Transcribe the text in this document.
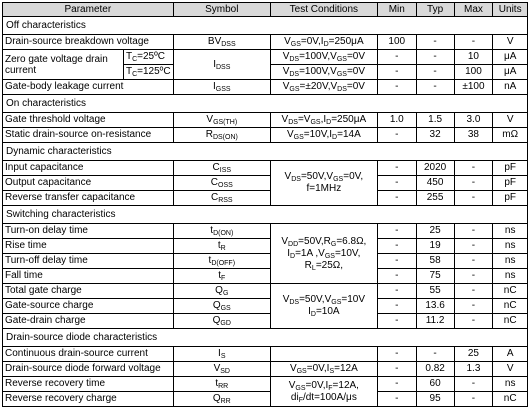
Parameter		Symbol	Test Conditions	Min	Typ	Max	Units
Off characteristics							
Drain-source breakdown voltage		$BV_{DSS}$	$V_{GS}=0V,I_D=250\mu A$	100	-	-	V
Zero gate voltage drain current	$T_C=25ºC$	$I_{DSS}$	$V_{DS}=100V,V_{GS}=0V$	-	-	10	μA
	$T_C=125ºC$		$V_{DS}=100V,V_{GS}=0V$	-	-	100	μA
Gate-body leakage current		$I_{GSS}$	$V_{GS}=\pm 20V,V_{DS}=0V$	-	-	±100	nA
On characteristics							
Gate threshold voltage		$V_{GS(TH)}$	$V_{DS}=V_{GS},I_D=250\mu A$	1.0	1.5	3.0	V
Static drain-source on-resistance		$R_{DS(ON)}$	$V_{GS}=10V,I_D=14A$	-	32	38	mΩ
Dynamic characteristics							
Input capacitance		$C_{ISS}$	$V_{DS}=50V,V_{GS}=0V$,
f=1MHz	-	2020	-	pF
Output capacitance		$C_{OSS}$		-	450	-	pF
Reverse transfer capacitance		$C_{RSS}$		-	255	-	pF
Switching characteristics							
Turn-on delay time		$t_{D(ON)}$	$V_{DD}=50V,R_G=6.8\Omega$,
$I_D=1A$ $,V_{GS}=10V$,
$R_L=25\Omega$,	-	25	-	ns
Rise time		$t_R$		-	19	-	ns
Turn-off delay time		$t_{D(OFF)}$		-	58	-	ns
Fall time		$t_F$		-	75	-	ns
Total gate charge		$Q_G$	$V_{DS}=50V,V_{GS}=10V$
$I_D=10A$	-	55	-	nC
Gate-source charge		$Q_{GS}$		-	13.6	-	nC
Gate-drain charge		$Q_{GD}$		-	11.2	-	nC
Drain-source diode characteristics							
Continuous drain-source current		$I_S$		-	-	25	A
Drain-source diode forward voltage		$V_{SD}$	$V_{GS}=0V,I_S=12A$	-	0.82	1.3	V
Reverse recovery time		$t_{RR}$	$V_{GS}=0V,I_F=12A$,
$di_F/dt=100A/\mu s$	-	60	-	ns
Reverse recovery charge		$Q_{RR}$		-	95	-	nC
